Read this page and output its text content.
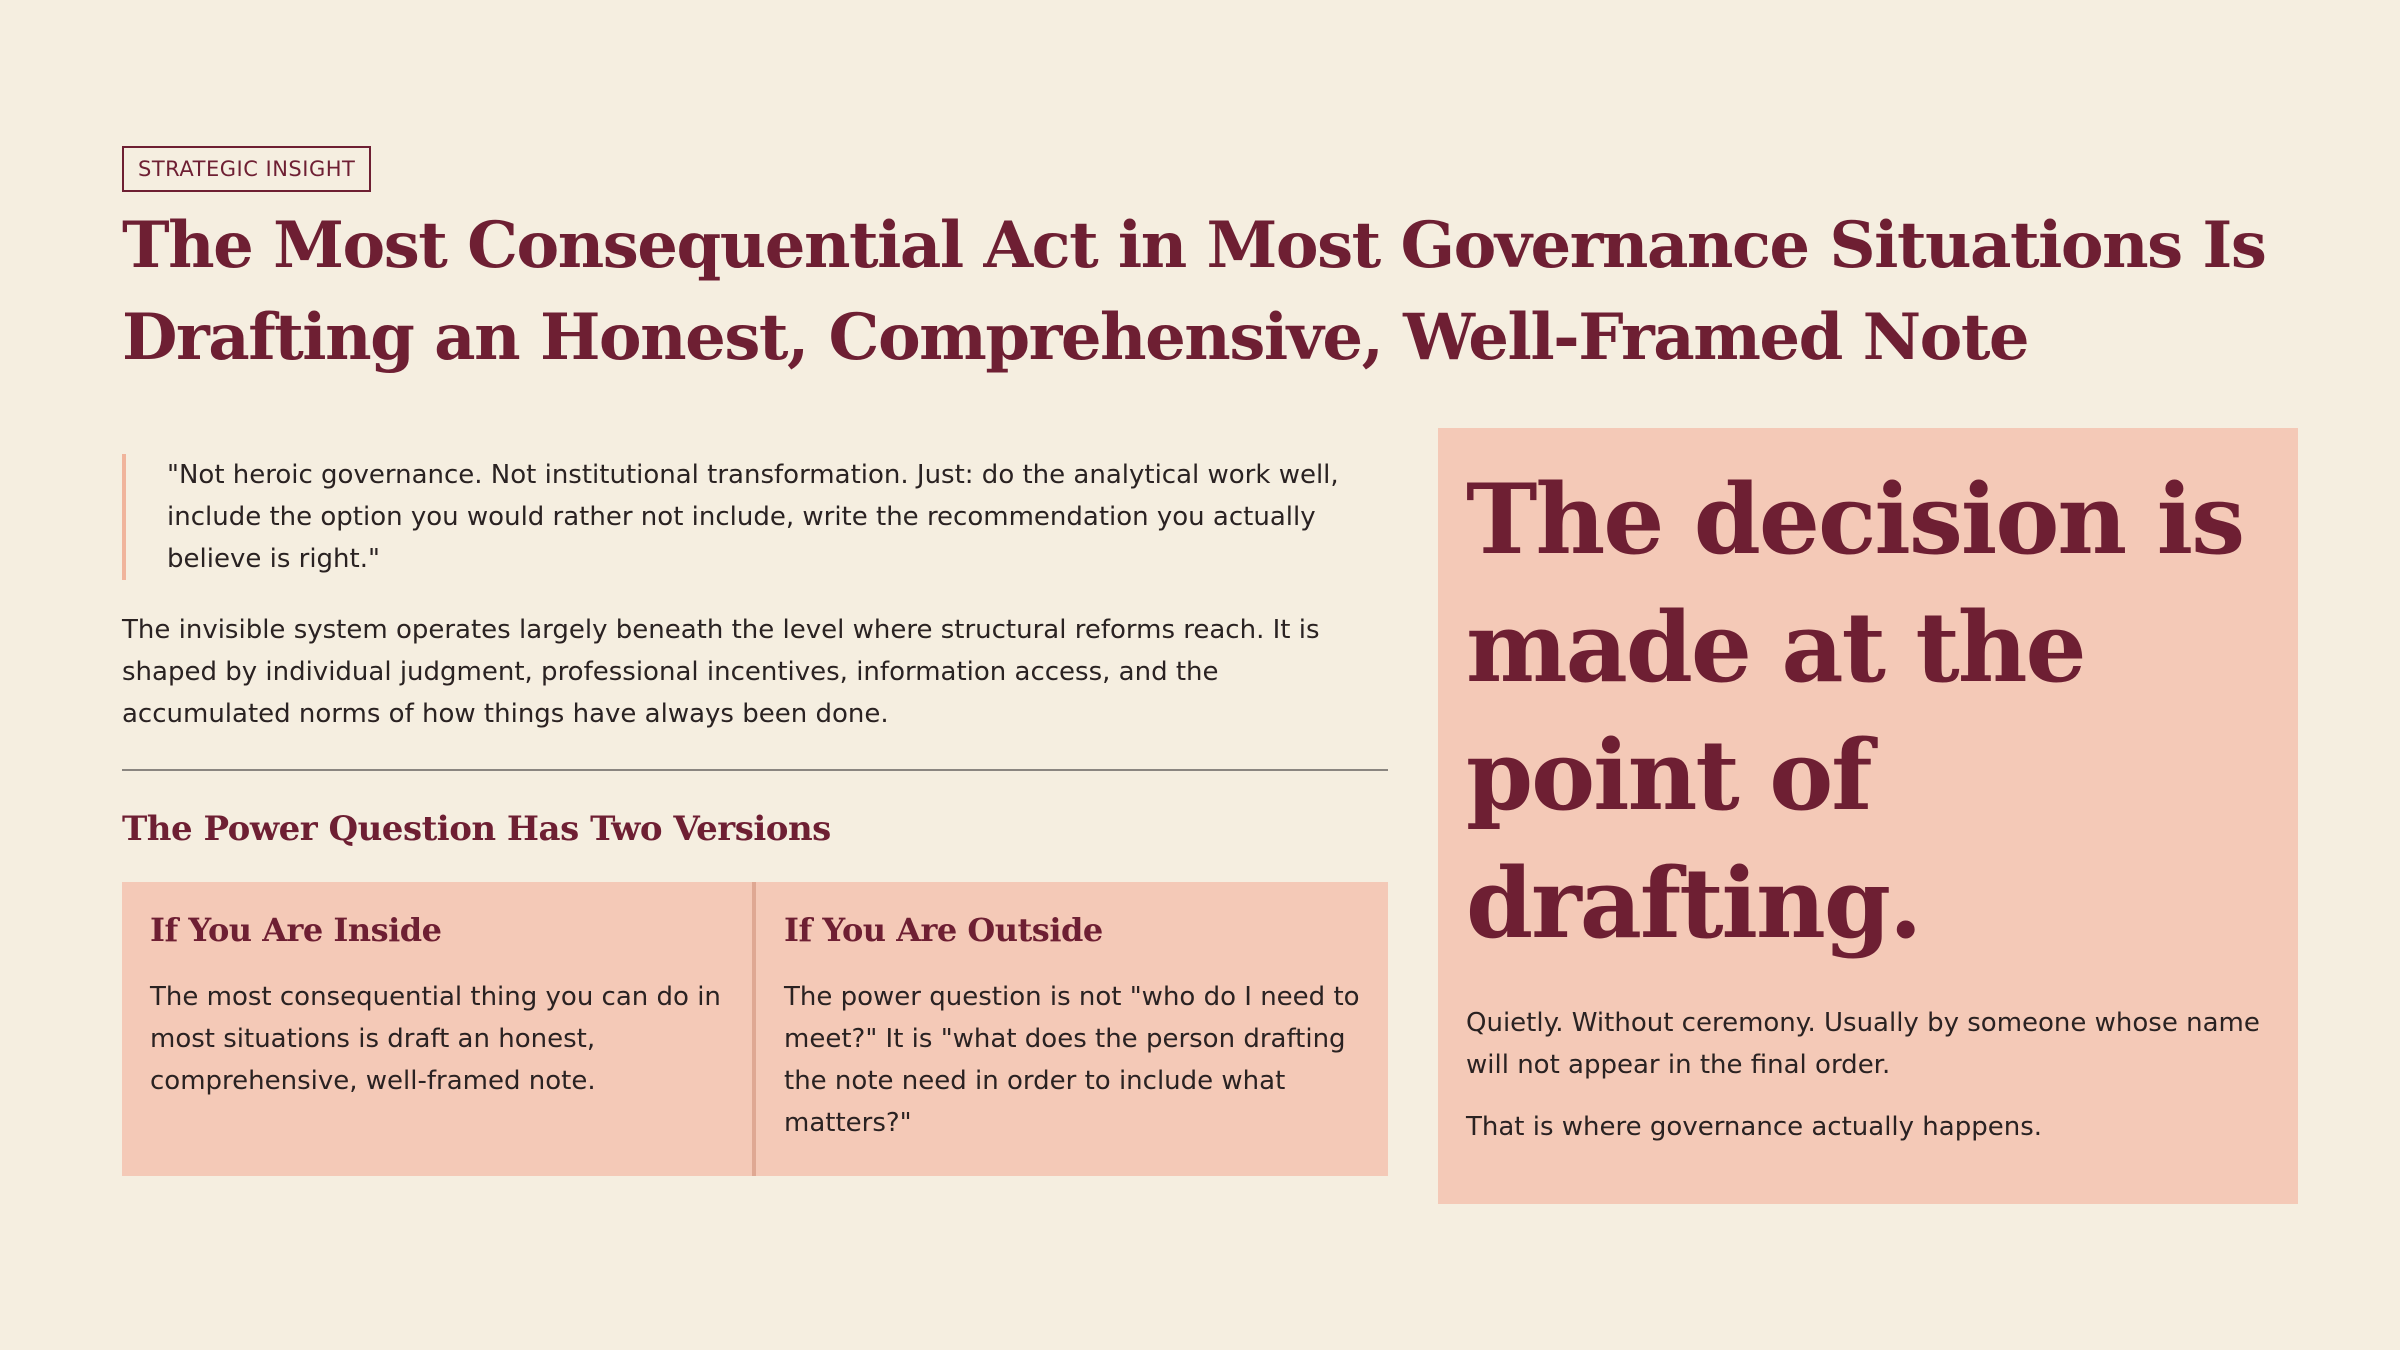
STRATEGIC INSIGHT
The Most Consequential Act in Most Governance Situations Is Drafting an Honest, Comprehensive, Well-Framed Note
"Not heroic governance. Not institutional transformation. Just: do the analytical work well, include the option you would rather not include, write the recommendation you actually believe is right."

The invisible system operates largely beneath the level where structural reforms reach. It is shaped by individual judgment, professional incentives, information access, and the accumulated norms of how things have always been done.

The Power Question Has Two Versions
If You Are Inside

The most consequential thing you can do in most situations is draft an honest, comprehensive, well-framed note.

If You Are Outside

The power question is not "who do I need to meet?" It is "what does the person drafting the note need in order to include what matters?"

The decision is made at the point of drafting.

Quietly. Without ceremony. Usually by someone whose name will not appear in the final order.

That is where governance actually happens.
